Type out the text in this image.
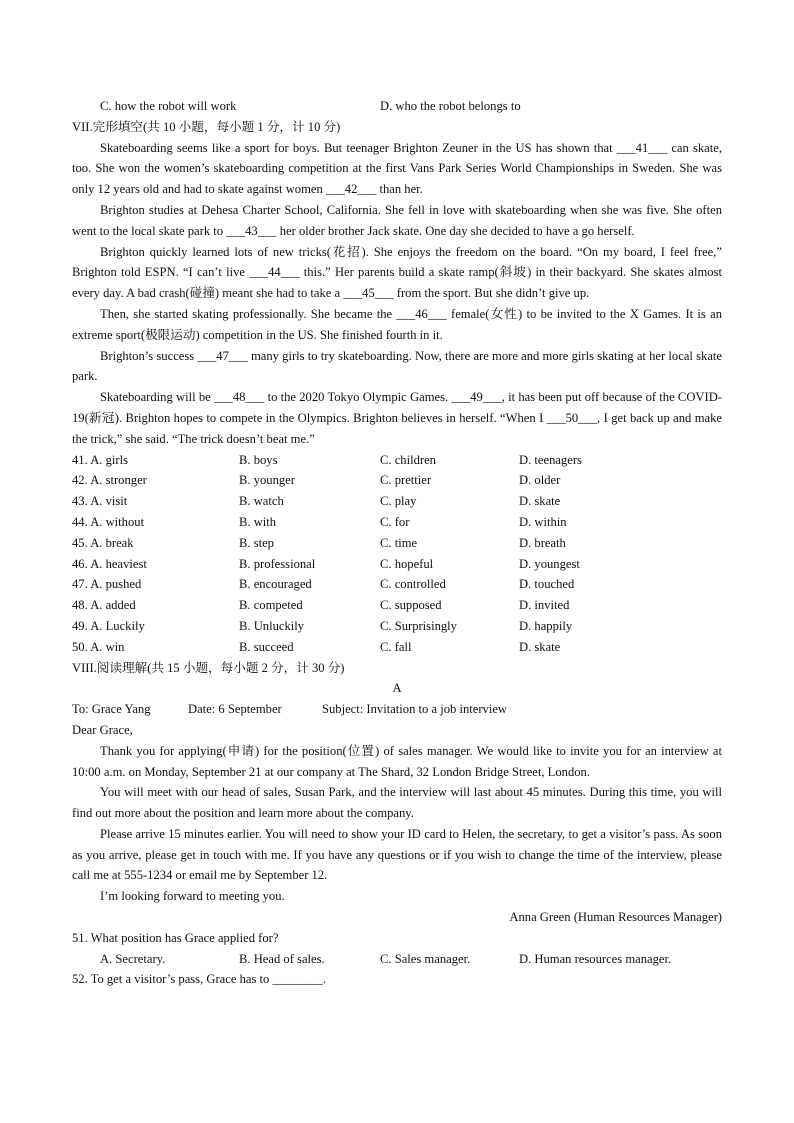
C. how the robot will work	D. who the robot belongs to

VII.完形填空(共 10 小题，每小题 1 分，计 10 分)

Skateboarding seems like a sport for boys. But teenager Brighton Zeuner in the US has shown that ___41___ can skate, too. She won the women’s skateboarding competition at the first Vans Park Series World Championships in Sweden. She was only 12 years old and had to skate against women ___42___ than her.

Brighton studies at Dehesa Charter School, California. She fell in love with skateboarding when she was five. She often went to the local skate park to ___43___ her older brother Jack skate. One day she decided to have a go herself.

Brighton quickly learned lots of new tricks(花招). She enjoys the freedom on the board. “On my board, I feel free,” Brighton told ESPN. “I can’t live ___44___ this.” Her parents build a skate ramp(斜坡) in their backyard. She skates almost every day. A bad crash(碰撞) meant she had to take a ___45___ from the sport. But she didn’t give up.

Then, she started skating professionally. She became the ___46___ female(女性) to be invited to the X Games. It is an extreme sport(极限运动) competition in the US. She finished fourth in it.

Brighton’s success ___47___ many girls to try skateboarding. Now, there are more and more girls skating at her local skate park.

Skateboarding will be ___48___ to the 2020 Tokyo Olympic Games. ___49___, it has been put off because of the COVID-19(新冠). Brighton hopes to compete in the Olympics. Brighton believes in herself. “When I ___50___, I get back up and make the trick,” she said. “The trick doesn’t beat me.”

41. A. girls	B. boys	C. children	D. teenagers
42. A. stronger	B. younger	C. prettier	D. older
43. A. visit	B. watch	C. play	D. skate
44. A. without	B. with	C. for	D. within
45. A. break	B. step	C. time	D. breath
46. A. heaviest	B. professional	C. hopeful	D. youngest
47. A. pushed	B. encouraged	C. controlled	D. touched
48. A. added	B. competed	C. supposed	D. invited
49. A. Luckily	B. Unluckily	C. Surprisingly	D. happily
50. A. win	B. succeed	C. fall	D. skate

VIII.阅读理解(共 15 小题，每小题 2 分，计 30 分)

A

To: Grace Yang	Date: 6 September	Subject: Invitation to a job interview

Dear Grace,

Thank you for applying(申请) for the position(位置) of sales manager. We would like to invite you for an interview at 10:00 a.m. on Monday, September 21 at our company at The Shard, 32 London Bridge Street, London.

You will meet with our head of sales, Susan Park, and the interview will last about 45 minutes. During this time, you will find out more about the position and learn more about the company.

Please arrive 15 minutes earlier. You will need to show your ID card to Helen, the secretary, to get a visitor’s pass. As soon as you arrive, please get in touch with me. If you have any questions or if you wish to change the time of the interview, please call me at 555-1234 or email me by September 12.

I’m looking forward to meeting you.

Anna Green (Human Resources Manager)

51. What position has Grace applied for?

A. Secretary.	B. Head of sales.	C. Sales manager.	D. Human resources manager.

52. To get a visitor’s pass, Grace has to ________.
